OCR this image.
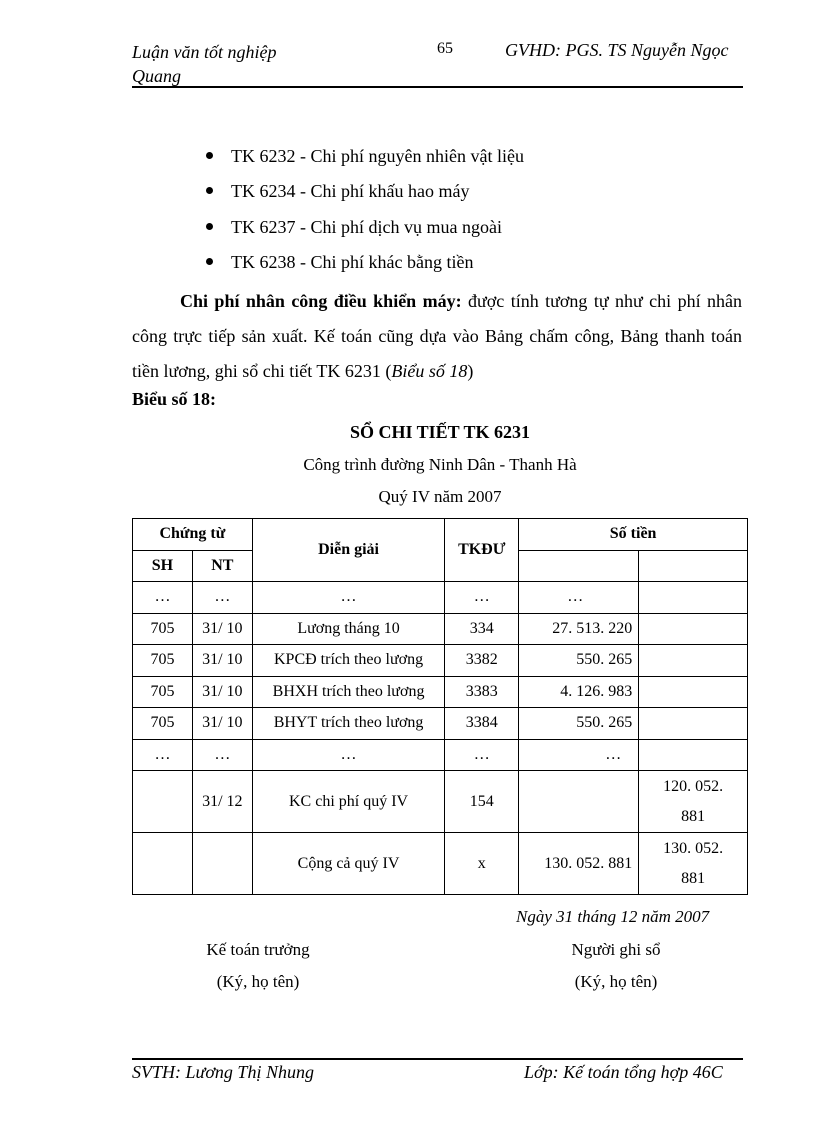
Luận văn tốt nghiệp
Quang
65	GVHD: PGS. TS Nguyễn Ngọc
TK 6232 - Chi phí nguyên nhiên vật liệu
TK 6234 - Chi phí khấu hao máy
TK 6237 - Chi phí dịch vụ mua ngoài
TK 6238 - Chi phí khác bằng tiền
Chi phí nhân công điều khiển máy: được tính tương tự như chi phí nhân công trực tiếp sản xuất. Kế toán cũng dựa vào Bảng chấm công, Bảng thanh toán tiền lương, ghi sổ chi tiết TK 6231 (Biểu số 18)
Biểu số 18:
SỔ CHI TIẾT TK 6231
Công trình đường Ninh Dân - Thanh Hà
Quý IV năm 2007
Chứng từ		Diễn giải	TKĐƯ	Số tiền	
SH	NT				
…	…	…	…	…	
705	31/ 10	Lương tháng 10	334	27. 513. 220	
705	31/ 10	KPCĐ trích theo lương	3382	550. 265	
705	31/ 10	BHXH trích theo lương	3383	4. 126. 983	
705	31/ 10	BHYT trích theo lương	3384	550. 265	
…	…	…	…	…	
	31/ 12	KC chi phí quý IV	154		120. 052.
881

		Cộng cả quý IV	x	130. 052. 881	130. 052.
881
Ngày 31 tháng 12 năm 2007
Kế toán trưởng
(Ký, họ tên)
Người ghi sổ
(Ký, họ tên)
SVTH: Lương Thị Nhung	Lớp: Kế toán tổng hợp 46C
